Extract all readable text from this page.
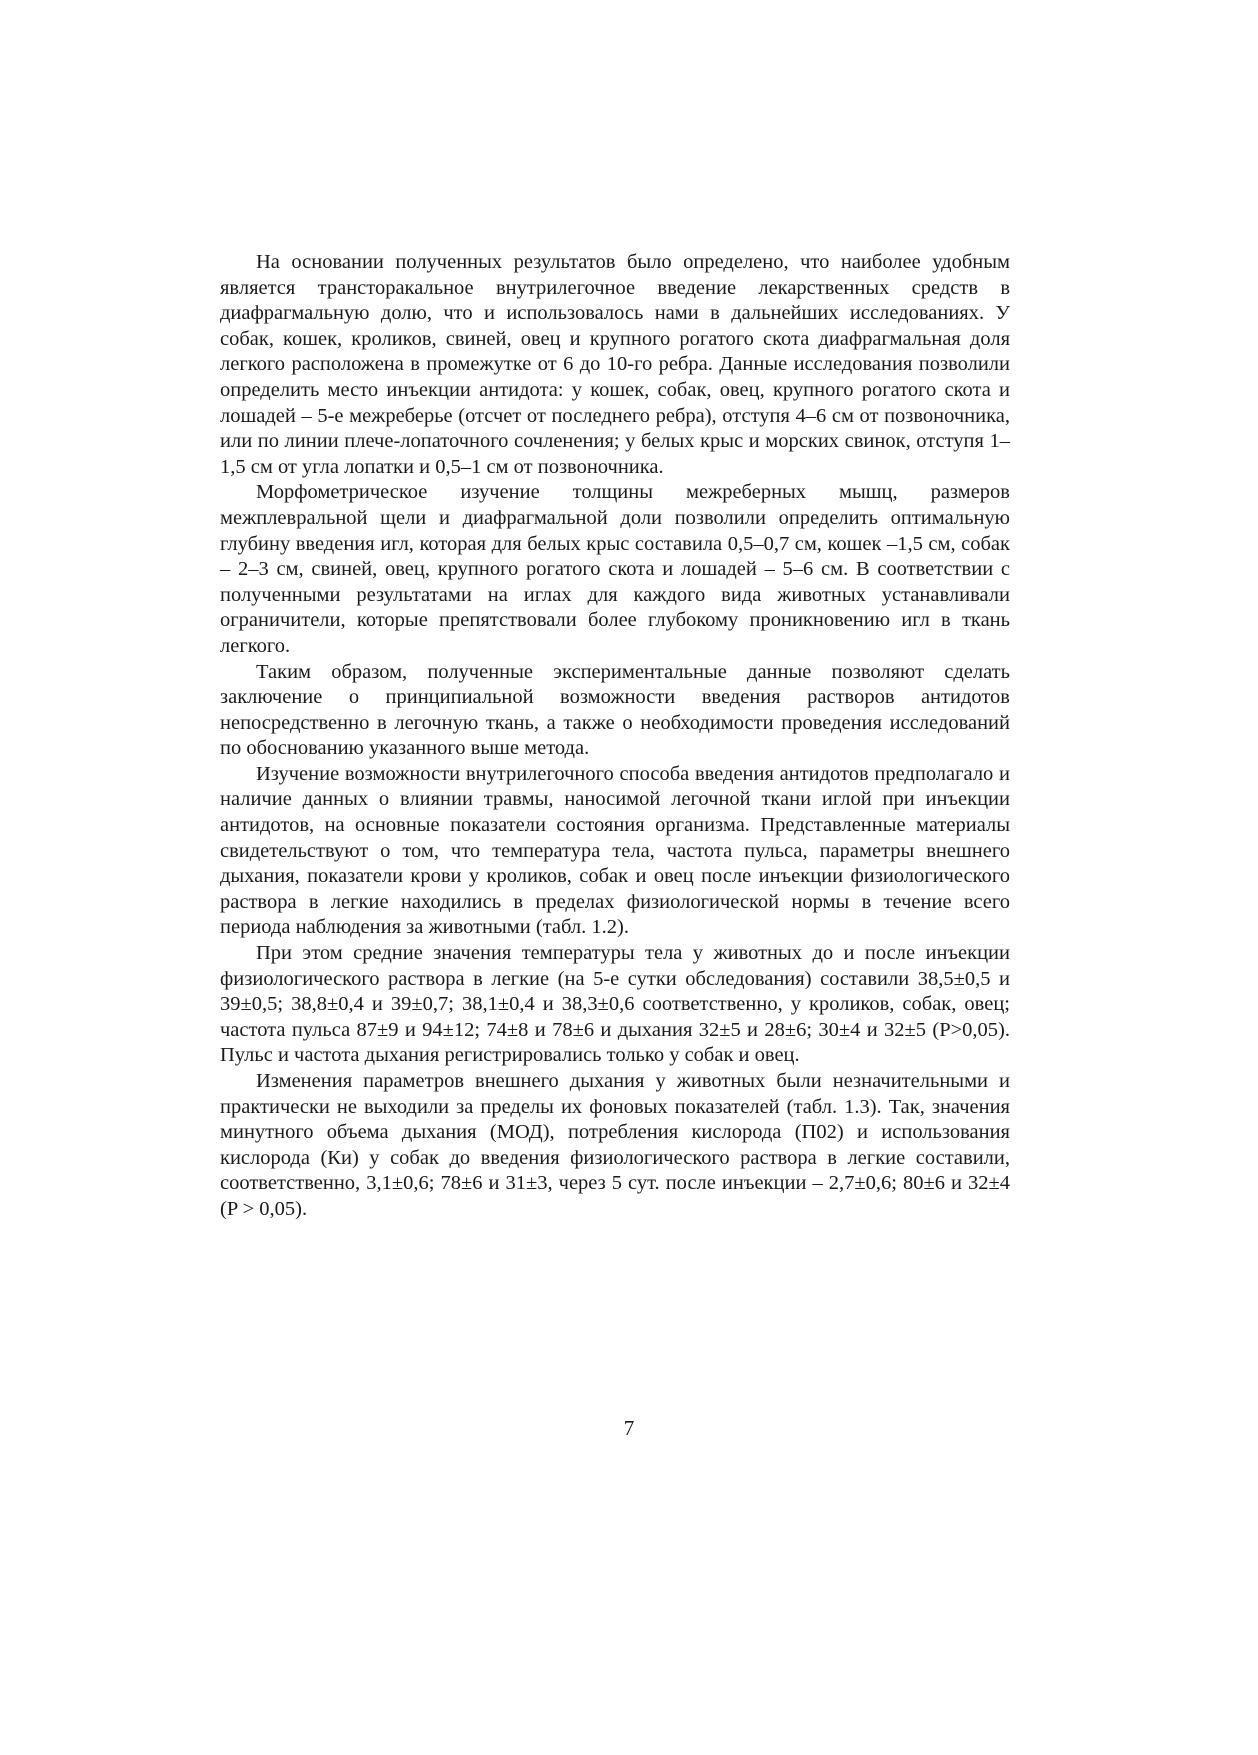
На основании полученных результатов было определено, что наиболее удобным является трансторакальное внутрилегочное введение лекарственных средств в диафрагмальную долю, что и использовалось нами в дальнейших исследованиях. У собак, кошек, кроликов, свиней, овец и крупного рогатого скота диафрагмальная доля легкого расположена в промежутке от 6 до 10-го ребра. Данные исследования позволили определить место инъекции антидота: у кошек, собак, овец, крупного рогатого скота и лошадей – 5-е межреберье (отсчет от последнего ребра), отступя 4–6 см от позвоночника, или по линии плече-лопаточного сочленения; у белых крыс и морских свинок, отступя 1–1,5 см от угла лопатки и 0,5–1 см от позвоночника.

Морфометрическое изучение толщины межреберных мышц, размеров межплевральной щели и диафрагмальной доли позволили определить оптимальную глубину введения игл, которая для белых крыс составила 0,5–0,7 см, кошек –1,5 см, собак – 2–3 см, свиней, овец, крупного рогатого скота и лошадей – 5–6 см. В соответствии с полученными результатами на иглах для каждого вида животных устанавливали ограничители, которые препятствовали более глубокому проникновению игл в ткань легкого.

Таким образом, полученные экспериментальные данные позволяют сделать заключение о принципиальной возможности введения растворов антидотов непосредственно в легочную ткань, а также о необходимости проведения исследований по обоснованию указанного выше метода.

Изучение возможности внутрилегочного способа введения антидотов предполагало и наличие данных о влиянии травмы, наносимой легочной ткани иглой при инъекции антидотов, на основные показатели состояния организма. Представленные материалы свидетельствуют о том, что температура тела, частота пульса, параметры внешнего дыхания, показатели крови у кроликов, собак и овец после инъекции физиологического раствора в легкие находились в пределах физиологической нормы в течение всего периода наблюдения за животными (табл. 1.2).

При этом средние значения температуры тела у животных до и после инъекции физиологического раствора в легкие (на 5-е сутки обследования) составили 38,5±0,5 и 39±0,5; 38,8±0,4 и 39±0,7; 38,1±0,4 и 38,3±0,6 соответственно, у кроликов, собак, овец; частота пульса 87±9 и 94±12; 74±8 и 78±6 и дыхания 32±5 и 28±6; 30±4 и 32±5 (P>0,05). Пульс и частота дыхания регистрировались только у собак и овец.

Изменения параметров внешнего дыхания у животных были незначительными и практически не выходили за пределы их фоновых показателей (табл. 1.3). Так, значения минутного объема дыхания (МОД), потребления кислорода (П02) и использования кислорода (Ки) у собак до введения физиологического раствора в легкие составили, соответственно, 3,1±0,6; 78±6 и 31±3, через 5 сут. после инъекции – 2,7±0,6; 80±6 и 32±4 (P > 0,05).

7
